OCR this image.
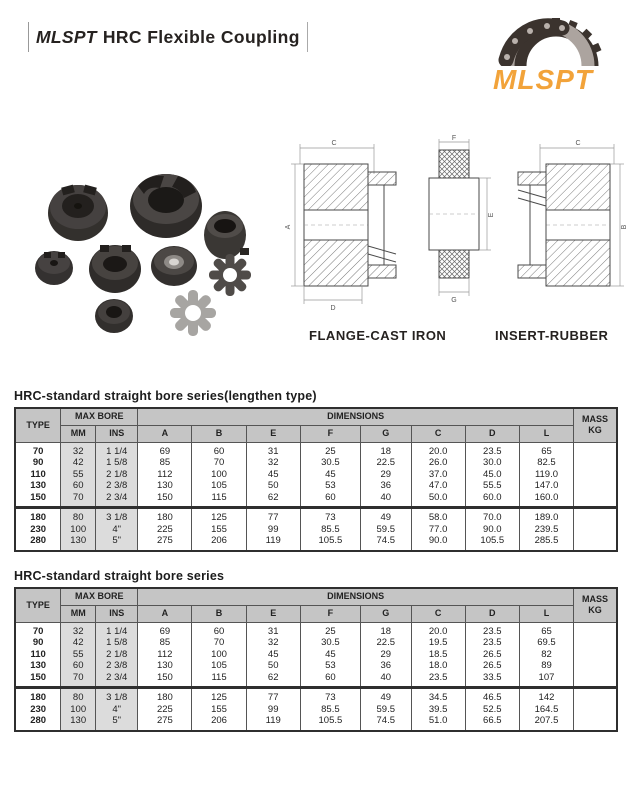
MLSPT HRC Flexible Coupling
MLSPT
C
A
D
F
E
G
C
B
FLANGE-CAST IRON	INSERT-RUBBER
HRC-standard straight bore series(lengthen type)
TYPE	MAX BORE		DIMENSIONS								MASS
KG

	MM	INS	A	B	E	F	G	C	D	L	
70	32	1 1/4	69	60	31	25	18	20.0	23.5	65	
90	42	1 5/8	85	70	32	30.5	22.5	26.0	30.0	82.5	
110	55	2 1/8	112	100	45	45	29	37.0	45.0	119.0	
130	60	2 3/8	130	105	50	53	36	47.0	55.5	147.0	
150	70	2 3/4	150	115	62	60	40	50.0	60.0	160.0	
180	80	3 1/8	180	125	77	73	49	58.0	70.0	189.0	
230	100	4"	225	155	99	85.5	59.5	77.0	90.0	239.5	
280	130	5"	275	206	119	105.5	74.5	90.0	105.5	285.5	
HRC-standard straight bore series
TYPE	MAX BORE		DIMENSIONS								MASS
KG

	MM	INS	A	B	E	F	G	C	D	L	
70	32	1 1/4	69	60	31	25	18	20.0	23.5	65	
90	42	1 5/8	85	70	32	30.5	22.5	19.5	23.5	69.5	
110	55	2 1/8	112	100	45	45	29	18.5	26.5	82	
130	60	2 3/8	130	105	50	53	36	18.0	26.5	89	
150	70	2 3/4	150	115	62	60	40	23.5	33.5	107	
180	80	3 1/8	180	125	77	73	49	34.5	46.5	142	
230	100	4"	225	155	99	85.5	59.5	39.5	52.5	164.5	
280	130	5"	275	206	119	105.5	74.5	51.0	66.5	207.5	
